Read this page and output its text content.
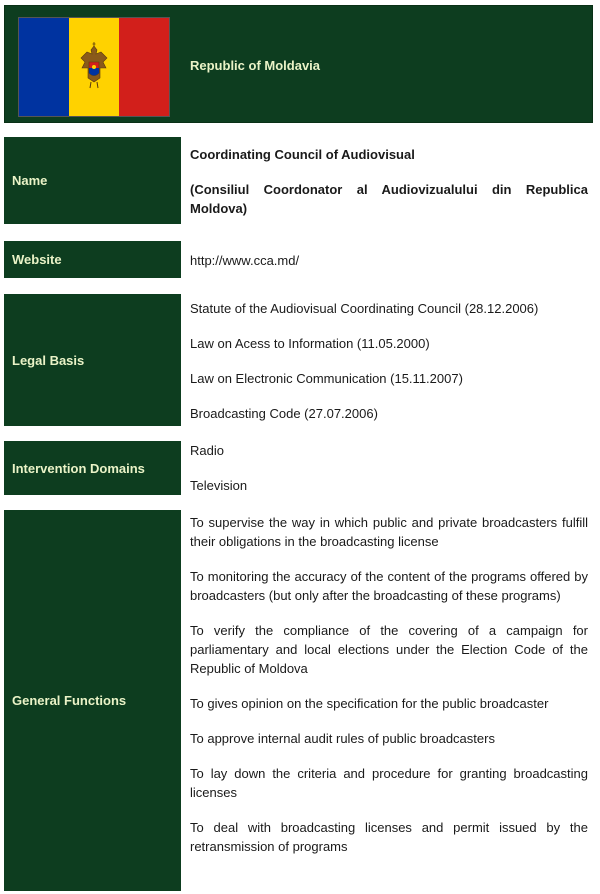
Republic of Moldavia
Name

Coordinating Council of Audiovisual

(Consiliul Coordonator al Audiovizualului din Republica Moldova)

Website	http://www.cca.md/
Legal Basis

Statute of the Audiovisual Coordinating Council (28.12.2006)

Law on Acess to Information (11.05.2000)

Law on Electronic Communication (15.11.2007)

Broadcasting Code (27.07.2006)

Intervention Domains

Radio

Television

General Functions

To supervise the way in which public and private broadcasters fulfill their obligations in the broadcasting license

To monitoring the accuracy of the content of the programs offered by broadcasters (but only after the broadcasting of these programs)

To verify the compliance of the covering of a campaign for parliamentary and local elections under the Election Code of the Republic of Moldova

To gives opinion on the specification for the public broadcaster

To approve internal audit rules of public broadcasters

To lay down the criteria and procedure for granting broadcasting licenses

To deal with broadcasting licenses and permit issued by the retransmission of programs
